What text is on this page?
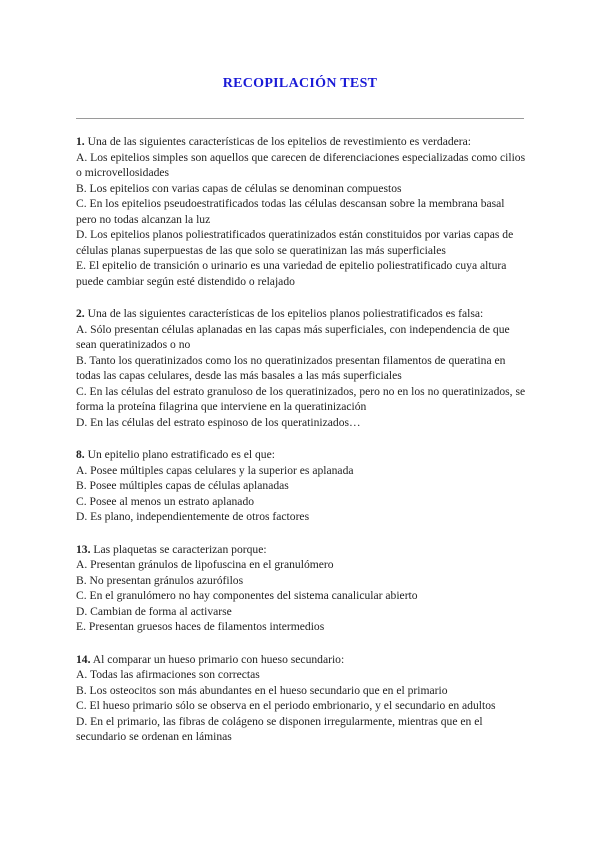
RECOPILACIÓN TEST

1. Una de las siguientes características de los epitelios de revestimiento es verdadera:

A. Los epitelios simples son aquellos que carecen de diferenciaciones especializadas como cilios o microvellosidades

B. Los epitelios con varias capas de células se denominan compuestos

C. En los epitelios pseudoestratificados todas las células descansan sobre la membrana basal pero no todas alcanzan la luz

D. Los epitelios planos poliestratificados queratinizados están constituidos por varias capas de células planas superpuestas de las que solo se queratinizan las más superficiales

E. El epitelio de transición o urinario es una variedad de epitelio poliestratificado cuya altura puede cambiar según esté distendido o relajado

2. Una de las siguientes características de los epitelios planos poliestratificados es falsa:

A. Sólo presentan células aplanadas en las capas más superficiales, con independencia de que sean queratinizados o no

B. Tanto los queratinizados como los no queratinizados presentan filamentos de queratina en todas las capas celulares, desde las más basales a las más superficiales

C. En las células del estrato granuloso de los queratinizados, pero no en los no queratinizados, se forma la proteína filagrina que interviene en la queratinización

D. En las células del estrato espinoso de los queratinizados…

8. Un epitelio plano estratificado es el que:

A. Posee múltiples capas celulares y la superior es aplanada

B. Posee múltiples capas de células aplanadas

C. Posee al menos un estrato aplanado

D. Es plano, independientemente de otros factores

13. Las plaquetas se caracterizan porque:

A. Presentan gránulos de lipofuscina en el granulómero

B. No presentan gránulos azurófilos

C. En el granulómero no hay componentes del sistema canalicular abierto

D. Cambian de forma al activarse

E. Presentan gruesos haces de filamentos intermedios

14. Al comparar un hueso primario con hueso secundario:

A. Todas las afirmaciones son correctas

B. Los osteocitos son más abundantes en el hueso secundario que en el primario

C. El hueso primario sólo se observa en el periodo embrionario, y el secundario en adultos

D. En el primario, las fibras de colágeno se disponen irregularmente, mientras que en el secundario se ordenan en láminas
